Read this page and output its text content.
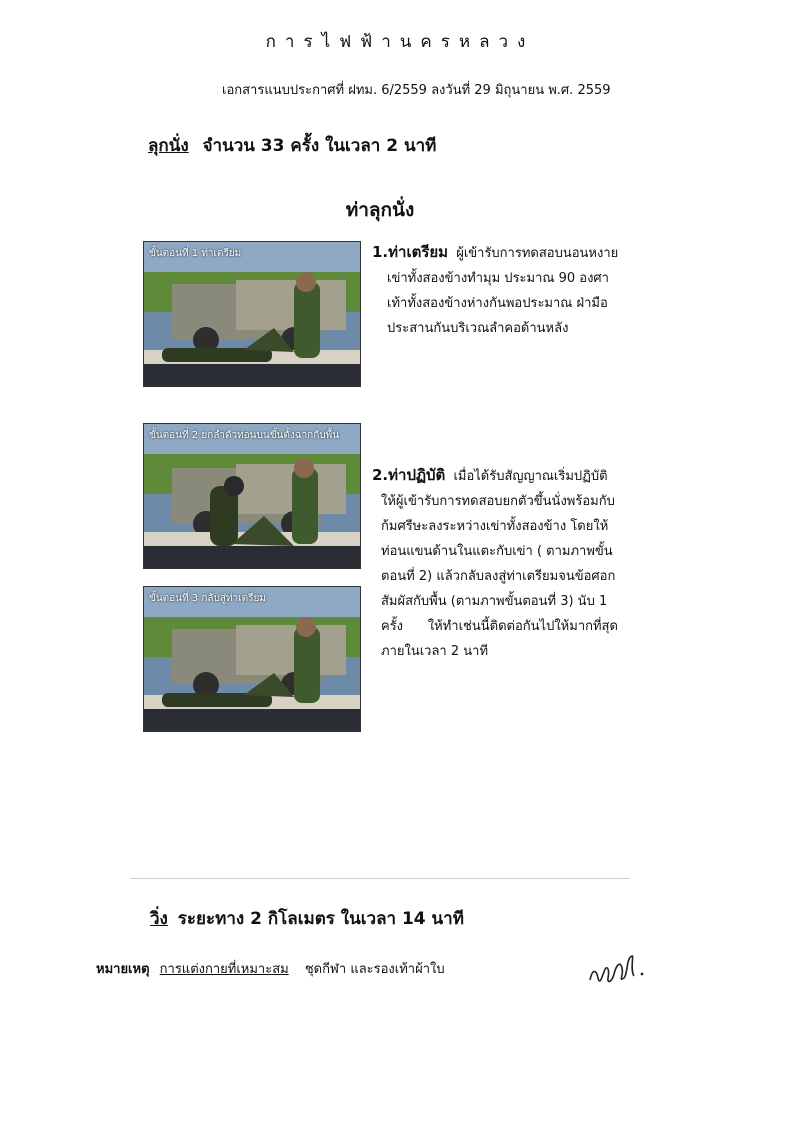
การไฟฟ้านครหลวง
เอกสารแนบประกาศที่ ฝทม. 6/2559 ลงวันที่ 29 มิถุนายน พ.ศ. 2559
ลุกนั่ง จำนวน 33 ครั้ง ในเวลา 2 นาที
ท่าลุกนั่ง
ขั้นตอนที่ 1 ท่าเตรียม
ขั้นตอนที่ 2 ยกลำตัวท่อนบนขึ้นตั้งฉากกับพื้น
ขั้นตอนที่ 3 กลับสู่ท่าเตรียม
1.ท่าเตรียม ผู้เข้ารับการทดสอบนอนหงาย
เข่าทั้งสองข้างทำมุม ประมาณ 90 องศา
เท้าทั้งสองข้างห่างกันพอประมาณ ฝ่ามือ
ประสานกันบริเวณลำคอด้านหลัง
2.ท่าปฏิบัติ เมื่อได้รับสัญญาณเริ่มปฏิบัติ
ให้ผู้เข้ารับการทดสอบยกตัวขึ้นนั่งพร้อมกับ
ก้มศรีษะลงระหว่างเข่าทั้งสองข้าง โดยให้
ท่อนแขนด้านในแตะกับเข่า ( ตามภาพขั้น
ตอนที่ 2) แล้วกลับลงสู่ท่าเตรียมจนข้อศอก
สัมผัสกับพื้น (ตามภาพขั้นตอนที่ 3) นับ 1
ครั้ง      ให้ทำเช่นนี้ติดต่อกันไปให้มากที่สุด
ภายในเวลา 2 นาที
วิ่ง ระยะทาง 2 กิโลเมตร ในเวลา 14 นาที
หมายเหตุ การแต่งกายที่เหมาะสม ชุดกีฬา และรองเท้าผ้าใบ
